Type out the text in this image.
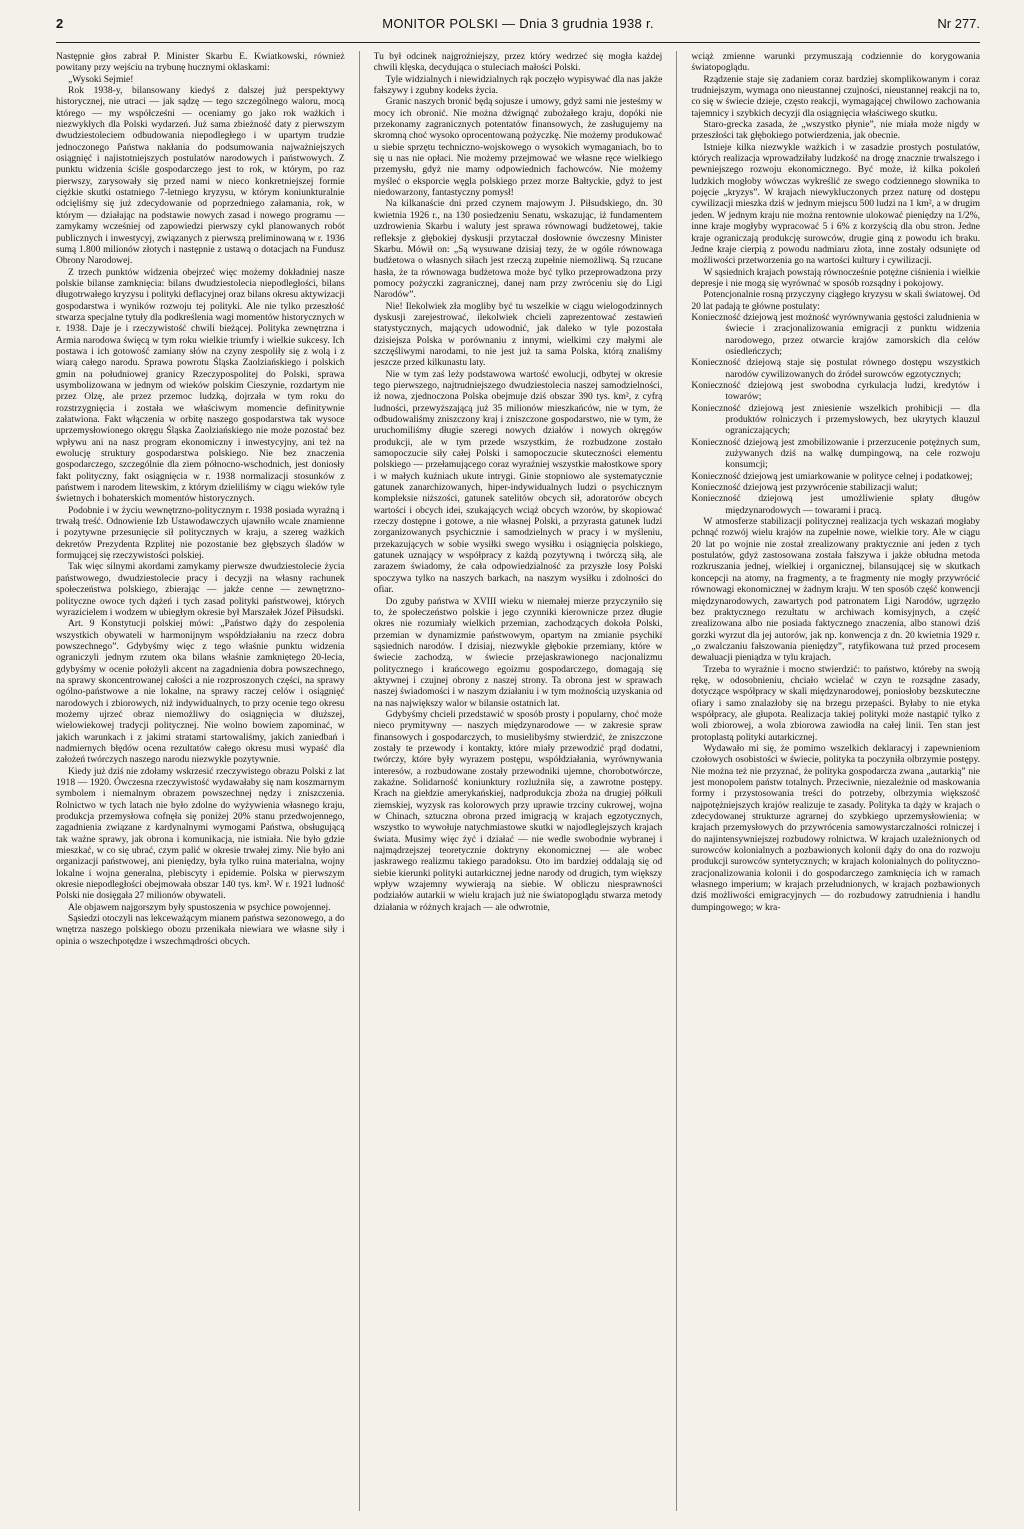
2	MONITOR POLSKI — Dnia 3 grudnia 1938 r.	Nr 277.

Następnie głos zabrał P. Minister Skarbu E. Kwiatkowski, również powitany przy wejściu na trybunę hucznymi oklaskami:

„Wysoki Sejmie!

Rok 1938-y, bilansowany kiedyś z dalszej już perspektywy historycznej, nie utraci — jak sądzę — tego szczególnego waloru, mocą którego — my współcześni — oceniamy go jako rok ważkich i niezwykłych dla Polski wydarzeń. Już sama zbieżność daty z pierwszym dwudziestoleciem odbudowania niepodległego i w upartym trudzie jednoczonego Państwa nakłania do podsumowania najważniejszych osiągnięć i najistotniejszych postulatów narodowych i państwowych. Z punktu widzenia ściśle gospodarczego jest to rok, w którym, po raz pierwszy, zarysowały się przed nami w nieco konkretniejszej formie ciężkie skutki ostatniego 7-letniego kryzysu, w którym koniunkturalnie odcięliśmy się już zdecydowanie od poprzedniego załamania, rok, w którym — działając na podstawie nowych zasad i nowego programu — zamykamy wcześniej od zapowiedzi pierwszy cykl planowanych robót publicznych i inwestycyj, związanych z pierwszą preliminowaną w r. 1936 sumą 1.800 milionów złotych i następnie z ustawą o dotacjach na Fundusz Obrony Narodowej.

Z trzech punktów widzenia obejrzeć więc możemy dokładniej nasze polskie bilanse zamknięcia: bilans dwudziestolecia niepodległości, bilans długotrwałego kryzysu i polityki deflacyjnej oraz bilans okresu aktywizacji gospodarstwa i wyników rozwoju tej polityki. Ale nie tylko przeszłość stwarza specjalne tytuły dla podkreślenia wagi momentów historycznych w r. 1938. Daje je i rzeczywistość chwili bieżącej. Polityka zewnętrzna i Armia narodowa święcą w tym roku wielkie triumfy i wielkie sukcesy. Ich postawa i ich gotowość zamiany słów na czyny zespoliły się z wolą i z wiarą całego narodu. Sprawa powrotu Śląska Zaolziańskiego i polskich gmin na południowej granicy Rzeczypospolitej do Polski, sprawa usymbolizowana w jednym od wieków polskim Cieszynie, rozdartym nie przez Olzę, ale przez przemoc ludzką, dojrzała w tym roku do rozstrzygnięcia i została we właściwym momencie definitywnie załatwiona. Fakt włączenia w orbitę naszego gospodarstwa tak wysoce uprzemysłowionego okręgu Śląska Zaolziańskiego nie może pozostać bez wpływu ani na nasz program ekonomiczny i inwestycyjny, ani też na ewolucję struktury gospodarstwa polskiego. Nie bez znaczenia gospodarczego, szczególnie dla ziem północno-wschodnich, jest doniosły fakt polityczny, fakt osiągnięcia w r. 1938 normalizacji stosunków z państwem i narodem litewskim, z którym dzieliliśmy w ciągu wieków tyle świetnych i bohaterskich momentów historycznych.

Podobnie i w życiu wewnętrzno-politycznym r. 1938 posiada wyraźną i trwałą treść. Odnowienie Izb Ustawodawczych ujawniło wcale znamienne i pozytywne przesunięcie sił politycznych w kraju, a szereg ważkich dekretów Prezydenta Rzplitej nie pozostanie bez głębszych śladów w formującej się rzeczywistości polskiej.

Tak więc silnymi akordami zamykamy pierwsze dwudziestolecie życia państwowego, dwudziestolecie pracy i decyzji na własny rachunek społeczeństwa polskiego, zbierając — jakże cenne — zewnętrzno-polityczne owoce tych dążeń i tych zasad polityki państwowej, których wyrazicielem i wodzem w ubiegłym okresie był Marszałek Józef Piłsudski.

Art. 9 Konstytucji polskiej mówi: „Państwo dąży do zespolenia wszystkich obywateli w harmonijnym współdziałaniu na rzecz dobra powszechnego”. Gdybyśmy więc z tego właśnie punktu widzenia ograniczyli jednym rzutem oka bilans właśnie zamkniętego 20-lecia, gdybyśmy w ocenie położyli akcent na zagadnienia dobra powszechnego, na sprawy skoncentrowanej całości a nie rozproszonych części, na sprawy ogólno-państwowe a nie lokalne, na sprawy raczej celów i osiągnięć narodowych i zbiorowych, niż indywidualnych, to przy ocenie tego okresu możemy ujrzeć obraz niemożliwy do osiągnięcia w dłuższej, wielowiekowej tradycji politycznej. Nie wolno bowiem zapominać, w jakich warunkach i z jakimi stratami startowaliśmy, jakich zaniedbań i nadmiernych błędów ocena rezultatów całego okresu musi wypaść dla założeń twórczych naszego narodu niezwykle pozytywnie.

Kiedy już dziś nie zdołamy wskrzesić rzeczywistego obrazu Polski z lat 1918 — 1920. Ówczesna rzeczywistość wydawałaby się nam koszmarnym symbolem i niemalnym obrazem powszechnej nędzy i zniszczenia. Rolnictwo w tych latach nie było zdolne do wyżywienia własnego kraju, produkcja przemysłowa cofnęła się poniżej 20% stanu przedwojennego, zagadnienia związane z kardynalnymi wymogami Państwa, obsługującą tak ważne sprawy, jak obrona i komunikacja, nie istniała. Nie było gdzie mieszkać, w co się ubrać, czym palić w okresie trwałej zimy. Nie było ani organizacji państwowej, ani pieniędzy, była tylko ruina materialna, wojny lokalne i wojna generalna, plebiscyty i epidemie. Polska w pierwszym okresie niepodległości obejmowała obszar 140 tys. km². W r. 1921 ludność Polski nie dosięgała 27 milionów obywateli.

Ale objawem najgorszym były spustoszenia w psychice powojennej.

Sąsiedzi otoczyli nas lekceważącym mianem państwa sezonowego, a do wnętrza naszego polskiego obozu przenikała niewiara we własne siły i opinia o wszechpotędze i wszechmądrości obcych.

Tu był odcinek najgroźniejszy, przez który wedrzeć się mogła każdej chwili klęska, decydująca o stuleciach małości Polski.

Tyle widzialnych i niewidzialnych rąk poczęło wypisywać dla nas jakże fałszywy i zgubny kodeks życia.

Granic naszych bronić będą sojusze i umowy, gdyż sami nie jesteśmy w mocy ich obronić. Nie można dźwignąć zubożałego kraju, dopóki nie przekonamy zagranicznych potentatów finansowych, że zasługujemy na skromną choć wysoko oprocentowaną pożyczkę. Nie możemy produkować u siebie sprzętu techniczno-wojskowego o wysokich wymaganiach, bo to się u nas nie opłaci. Nie możemy przejmować we własne ręce wielkiego przemysłu, gdyż nie mamy odpowiednich fachowców. Nie możemy myśleć o eksporcie węgla polskiego przez morze Bałtyckie, gdyż to jest niedowarzony, fantastyczny pomysł!

Na kilkanaście dni przed czynem majowym J. Piłsudskiego, dn. 30 kwietnia 1926 r., na 130 posiedzeniu Senatu, wskazując, iż fundamentem uzdrowienia Skarbu i waluty jest sprawa równowagi budżetowej, takie refleksje z głębokiej dyskusji przytaczał dosłownie ówczesny Minister Skarbu. Mówił on: „Są wysuwane dzisiaj tezy, że w ogóle równowaga budżetowa o własnych siłach jest rzeczą zupełnie niemożliwą. Są rzucane hasła, że ta równowaga budżetowa może być tylko przeprowadzona przy pomocy pożyczki zagranicznej, danej nam przy zwróceniu się do Ligi Narodów”.

Nie! Ilekolwiek zła mogliby być tu wszelkie w ciągu wielogodzinnych dyskusji zarejestrować, ilekolwiek chcieli zaprezentować zestawień statystycznych, mających udowodnić, jak daleko w tyle pozostała dzisiejsza Polska w porównaniu z innymi, wielkimi czy małymi ale szczęśliwymi narodami, to nie jest już ta sama Polska, którą znaliśmy jeszcze przed kilkunastu laty.

Nie w tym zaś leży podstawowa wartość ewolucji, odbytej w okresie tego pierwszego, najtrudniejszego dwudziestolecia naszej samodzielności, iż nowa, zjednoczona Polska obejmuje dziś obszar 390 tys. km², z cyfrą ludności, przewyższającą już 35 milionów mieszkańców, nie w tym, że odbudowaliśmy zniszczony kraj i zniszczone gospodarstwo, nie w tym, że uruchomiliśmy długie szeregi nowych działów i nowych okręgów produkcji, ale w tym przede wszystkim, że rozbudzone zostało samopoczucie siły całej Polski i samopoczucie skuteczności elementu polskiego — przełamującego coraz wyraźniej wszystkie małostkowe spory i w małych kuźniach ukute intrygi. Ginie stopniowo ale systematycznie gatunek zanarchizowanych, hiper-indywidualnych ludzi o psychicznym kompleksie niższości, gatunek satelitów obcych sił, adoratorów obcych wartości i obcych idei, szukających wciąż obcych wzorów, by skopiować rzeczy dostępne i gotowe, a nie własnej Polski, a przyrasta gatunek ludzi zorganizowanych psychicznie i samodzielnych w pracy i w myśleniu, przekazujących w sobie wysiłki swego wysiłku i osiągnięcia polskiego, gatunek uznający w współpracy z każdą pozytywną i twórczą siłą, ale zarazem świadomy, że cała odpowiedzialność za przyszłe losy Polski spoczywa tylko na naszych barkach, na naszym wysiłku i zdolności do ofiar.

Do zguby państwa w XVIII wieku w niemałej mierze przyczyniło się to, że społeczeństwo polskie i jego czynniki kierownicze przez długie okres nie rozumiały wielkich przemian, zachodzących dokoła Polski, przemian w dynamizmie państwowym, opartym na zmianie psychiki sąsiednich narodów. I dzisiaj, niezwykle głębokie przemiany, które w świecie zachodzą, w świecie przejaskrawionego nacjonalizmu politycznego i krańcowego egoizmu gospodarczego, domagają się aktywnej i czujnej obrony z naszej strony. Ta obrona jest w sprawach naszej świadomości i w naszym działaniu i w tym możnością uzyskania od na nas największy walor w bilansie ostatnich lat.

Gdybyśmy chcieli przedstawić w sposób prosty i popularny, choć może nieco prymitywny — naszych międzynarodowe — w zakresie spraw finansowych i gospodarczych, to musielibyśmy stwierdzić, że zniszczone zostały te przewody i kontakty, które miały przewodzić prąd dodatni, twórczy, które były wyrazem postępu, współdziałania, wyrównywania interesów, a rozbudowane zostały przewodniki ujemne, chorobotwórcze, zakaźne. Solidarność koniunktury rozluźniła się, a zawrotne postępy. Krach na giełdzie amerykańskiej, nadprodukcja zboża na drugiej półkuli ziemskiej, wyzysk ras kolorowych przy uprawie trzciny cukrowej, wojna w Chinach, sztuczna obrona przed imigracją w krajach egzotycznych, wszystko to wywołuje natychmiastowe skutki w najodleglejszych krajach świata. Musimy więc żyć i działać — nie wedle swobodnie wybranej i najmądrzejszej teoretycznie doktryny ekonomicznej — ale wobec jaskrawego realizmu takiego paradoksu. Oto im bardziej oddalają się od siebie kierunki polityki autarkicznej jedne narody od drugich, tym większy wpływ wzajemny wywierają na siebie. W obliczu niesprawności podziałów autarkii w wielu krajach już nie światopoglądu stwarza metody działania w różnych krajach — ale odwrotnie,

wciąż zmienne warunki przymuszają codziennie do korygowania światopoglądu.

Rządzenie staje się zadaniem coraz bardziej skomplikowanym i coraz trudniejszym, wymaga ono nieustannej czujności, nieustannej reakcji na to, co się w świecie dzieje, często reakcji, wymagającej chwilowo zachowania tajemnicy i szybkich decyzji dla osiągnięcia właściwego skutku.

Staro-grecka zasada, że „wszystko płynie”, nie miała może nigdy w przeszłości tak głębokiego potwierdzenia, jak obecnie.

Istnieje kilka niezwykle ważkich i w zasadzie prostych postulatów, których realizacja wprowadziłaby ludzkość na drogę znacznie trwalszego i pewniejszego rozwoju ekonomicznego. Być może, iż kilka pokoleń ludzkich mogłoby wówczas wykreślić ze swego codziennego słownika to pojęcie „kryzys”. W krajach niewykluczonych przez naturę od dostępu cywilizacji mieszka dziś w jednym miejscu 500 ludzi na 1 km², a w drugim jeden. W jednym kraju nie można rentownie ulokować pieniędzy na 1/2%, inne kraje mogłyby wypracować 5 i 6% z korzyścią dla obu stron. Jedne kraje ograniczają produkcję surowców, drugie giną z powodu ich braku. Jedne kraje cierpią z powodu nadmiaru złota, inne zostały odsunięte od możliwości przetworzenia go na wartości kultury i cywilizacji.

W sąsiednich krajach powstają równocześnie potężne ciśnienia i wielkie depresje i nie mogą się wyrównać w sposób rozsądny i pokojowy.

Potencjonalnie rosną przyczyny ciągłego kryzysu w skali światowej. Od 20 lat padają te główne postulaty:

Konieczność dziejową jest możność wyrównywania gęstości zaludnienia w świecie i zracjonalizowania emigracji z punktu widzenia narodowego, przez otwarcie krajów zamorskich dla celów osiedleńczych;

Konieczność dziejową staje się postulat równego dostępu wszystkich narodów cywilizowanych do źródeł surowców egzotycznych;

Konieczność dziejową jest swobodna cyrkulacja ludzi, kredytów i towarów;

Konieczność dziejową jest zniesienie wszelkich prohibicji — dla produktów rolniczych i przemysłowych, bez ukrytych klauzul ograniczających;

Konieczność dziejową jest zmobilizowanie i przerzucenie potężnych sum, zużywanych dziś na walkę dumpingową, na cele rozwoju konsumcji;

Konieczność dziejową jest umiarkowanie w polityce celnej i podatkowej;

Konieczność dziejową jest przywrócenie stabilizacji walut;

Konieczność dziejową jest umożliwienie spłaty długów międzynarodowych — towarami i pracą.

W atmosferze stabilizacji politycznej realizacja tych wskazań mogłaby pchnąć rozwój wielu krajów na zupełnie nowe, wielkie tory. Ale w ciągu 20 lat po wojnie nie został zrealizowany praktycznie ani jeden z tych postulatów, gdyż zastosowana została fałszywa i jakże obłudna metoda rozkruszania jednej, wielkiej i organicznej, bilansującej się w skutkach koncepcji na atomy, na fragmenty, a te fragmenty nie mogły przywrócić równowagi ekonomicznej w żadnym kraju. W ten sposób część konwencji międzynarodowych, zawartych pod patronatem Ligi Narodów, ugrzęzło bez praktycznego rezultatu w archiwach komisyjnych, a część zrealizowana albo nie posiada faktycznego znaczenia, albo stanowi dziś gorzki wyrzut dla jej autorów, jak np. konwencja z dn. 20 kwietnia 1929 r. „o zwalczaniu fałszowania pieniędzy”, ratyfikowana tuż przed procesem dewaluacji pieniądza w tylu krajach.

Trzeba to wyraźnie i mocno stwierdzić: to państwo, któreby na swoją rękę, w odosobnieniu, chciało wcielać w czyn te rozsądne zasady, dotyczące współpracy w skali międzynarodowej, poniosłoby bezskuteczne ofiary i samo znalazłoby się na brzegu przepaści. Byłaby to nie etyka współpracy, ale głupota. Realizacja takiej polityki może nastąpić tylko z woli zbiorowej, a wola zbiorowa zawiodła na całej linii. Ten stan jest protoplastą polityki autarkicznej.

Wydawało mi się, że pomimo wszelkich deklaracyj i zapewnieniom czołowych osobistości w świecie, polityka ta poczyniła olbrzymie postępy. Nie można też nie przyznać, że polityka gospodarcza zwana „autarkią” nie jest monopolem państw totalnych. Przeciwnie, niezależnie od maskowania formy i przystosowania treści do potrzeby, olbrzymia większość najpotężniejszych krajów realizuje te zasady. Polityka ta dąży w krajach o zdecydowanej strukturze agrarnej do szybkiego uprzemysłowienia; w krajach przemysłowych do przywrócenia samowystarczalności rolniczej i do najintensywniejszej rozbudowy rolnictwa. W krajach uzależnionych od surowców kolonialnych a pozbawionych kolonii dąży do ona do rozwoju produkcji surowców syntetycznych; w krajach kolonialnych do polityczno-zracjonalizowania kolonii i do gospodarczego zamknięcia ich w ramach własnego imperium; w krajach przeludnionych, w krajach pozbawionych dziś możliwości emigracyjnych — do rozbudowy zatrudnienia i handlu dumpingowego; w kra-
